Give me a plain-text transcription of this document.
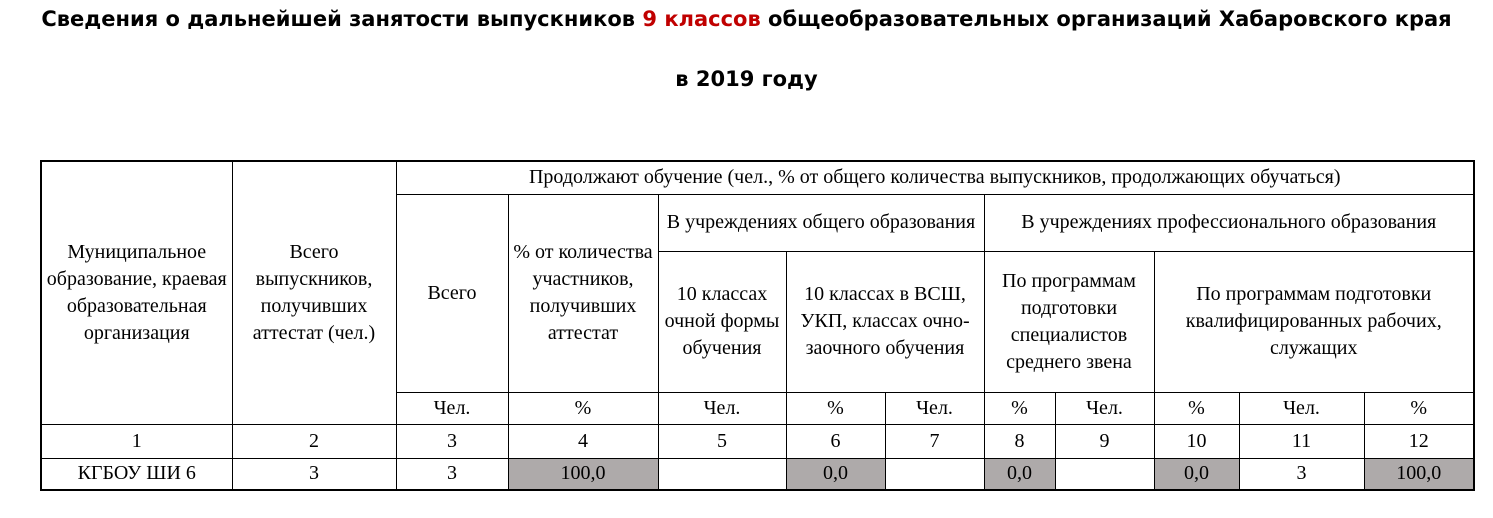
Сведения о дальнейшей занятости выпускников 9 классов общеобразовательных организаций Хабаровского края
в 2019 году
Муниципальное образование, краевая образовательная организация	Всего выпускников, получивших аттестат (чел.)	Продолжают обучение (чел., % от общего количества выпускников, продолжающих обучаться)									
		Всего	% от количества участников, получивших аттестат	В учреждениях общего образования			В учреждениях профессионального образования				
				10 классах очной формы обучения	10 классах в ВСШ, УКП, классах очно-заочного обучения		По программам подготовки специалистов среднего звена		По программам подготовки квалифицированных рабочих, служащих		
		Чел.	%	Чел.	%	Чел.	%	Чел.	%	Чел.	%
1	2	3	4	5	6	7	8	9	10	11	12
КГБОУ ШИ 6	3	3	100,0		0,0		0,0		0,0	3	100,0
